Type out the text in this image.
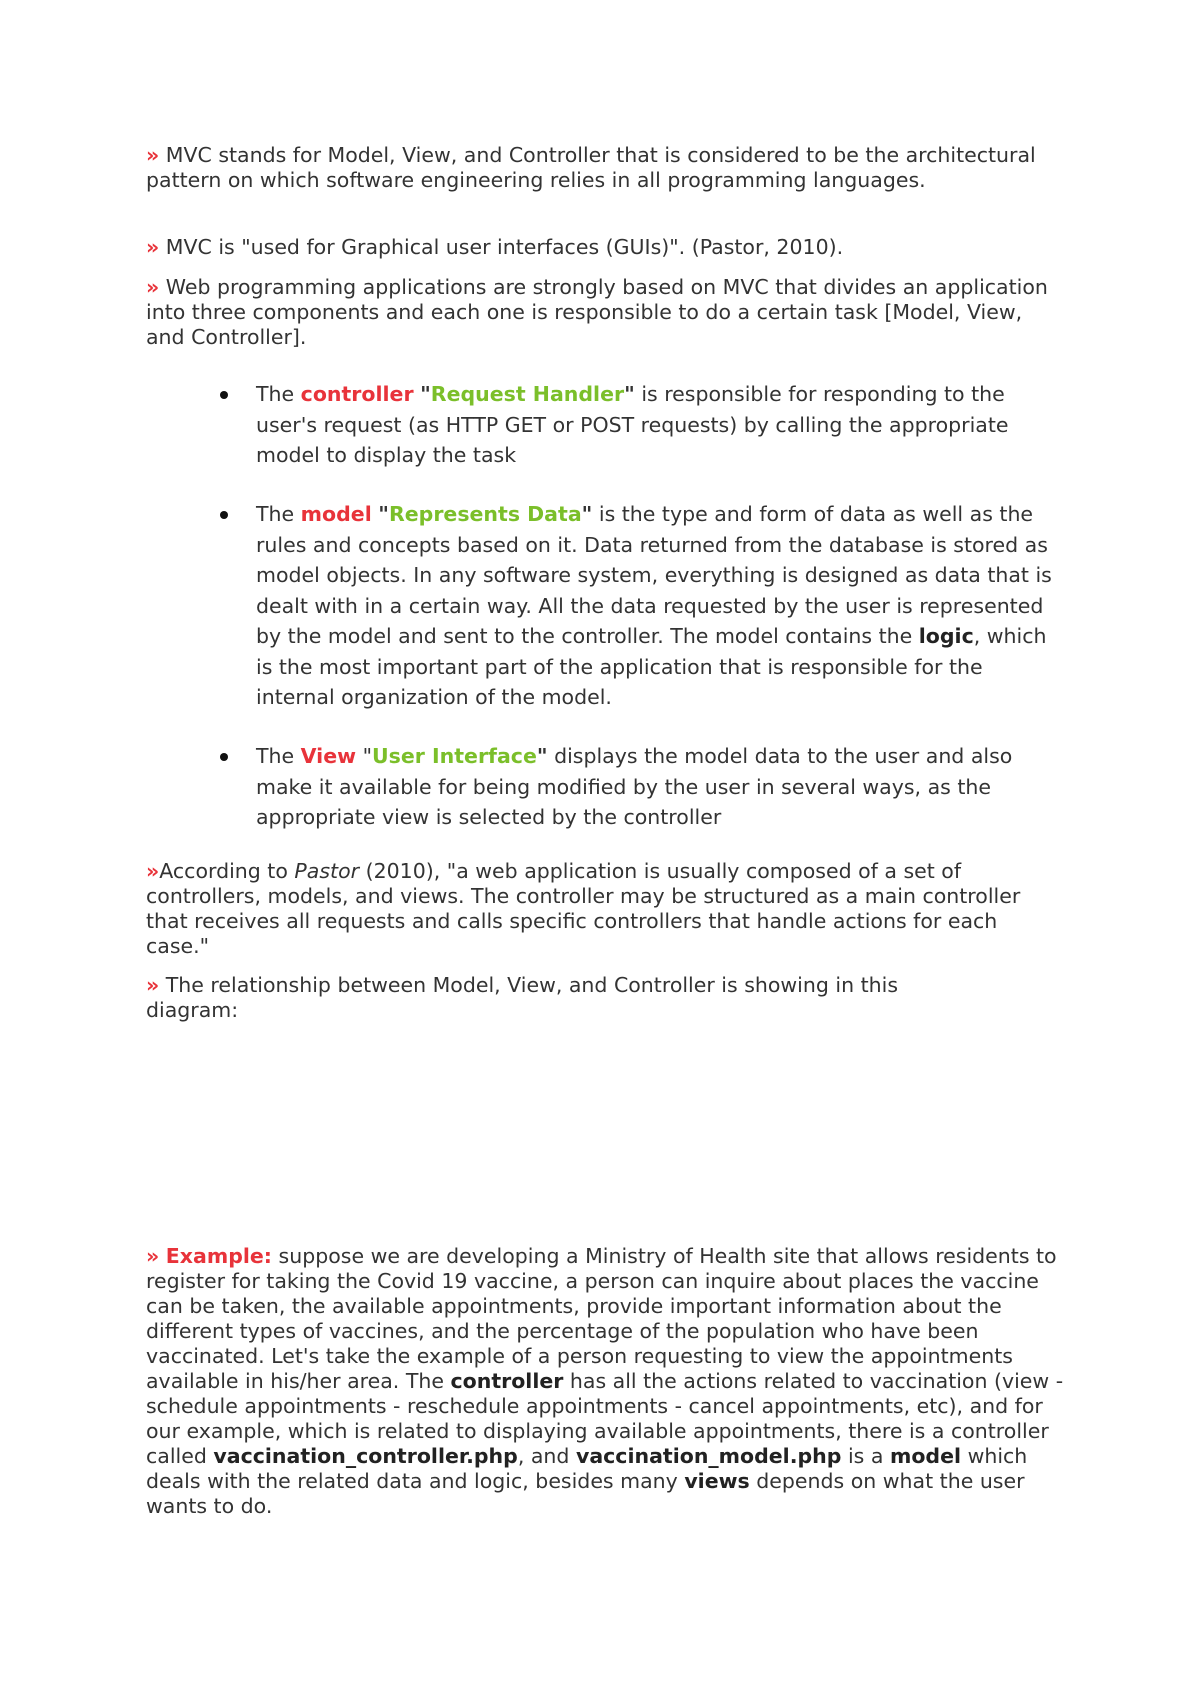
» MVC stands for Model, View, and Controller that is considered to be the architectural pattern on which software engineering relies in all programming languages.

» MVC is "used for Graphical user interfaces (GUIs)". (Pastor, 2010).

» Web programming applications are strongly based on MVC that divides an application into three components and each one is responsible to do a certain task [Model, View, and Controller].

The controller "Request Handler" is responsible for responding to the user's request (as HTTP GET or POST requests) by calling the appropriate model to display the task
The model "Represents Data" is the type and form of data as well as the rules and concepts based on it. Data returned from the database is stored as model objects. In any software system, everything is designed as data that is dealt with in a certain way. All the data requested by the user is represented by the model and sent to the controller. The model contains the logic, which is the most important part of the application that is responsible for the internal organization of the model.
The View "User Interface" displays the model data to the user and also make it available for being modified by the user in several ways, as the appropriate view is selected by the controller

»According to Pastor (2010), "a web application is usually composed of a set of controllers, models, and views. The controller may be structured as a main controller that receives all requests and calls specific controllers that handle actions for each case."

» The relationship between Model, View, and Controller is showing in this diagram:

» Example: suppose we are developing a Ministry of Health site that allows residents to register for taking the Covid 19 vaccine, a person can inquire about places the vaccine can be taken, the available appointments, provide important information about the different types of vaccines, and the percentage of the population who have been vaccinated. Let's take the example of a person requesting to view the appointments available in his/her area. The controller has all the actions related to vaccination (view - schedule appointments - reschedule appointments - cancel appointments, etc), and for our example, which is related to displaying available appointments, there is a controller called vaccination_controller.php, and vaccination_model.php is a model which deals with the related data and logic, besides many views depends on what the user wants to do.
